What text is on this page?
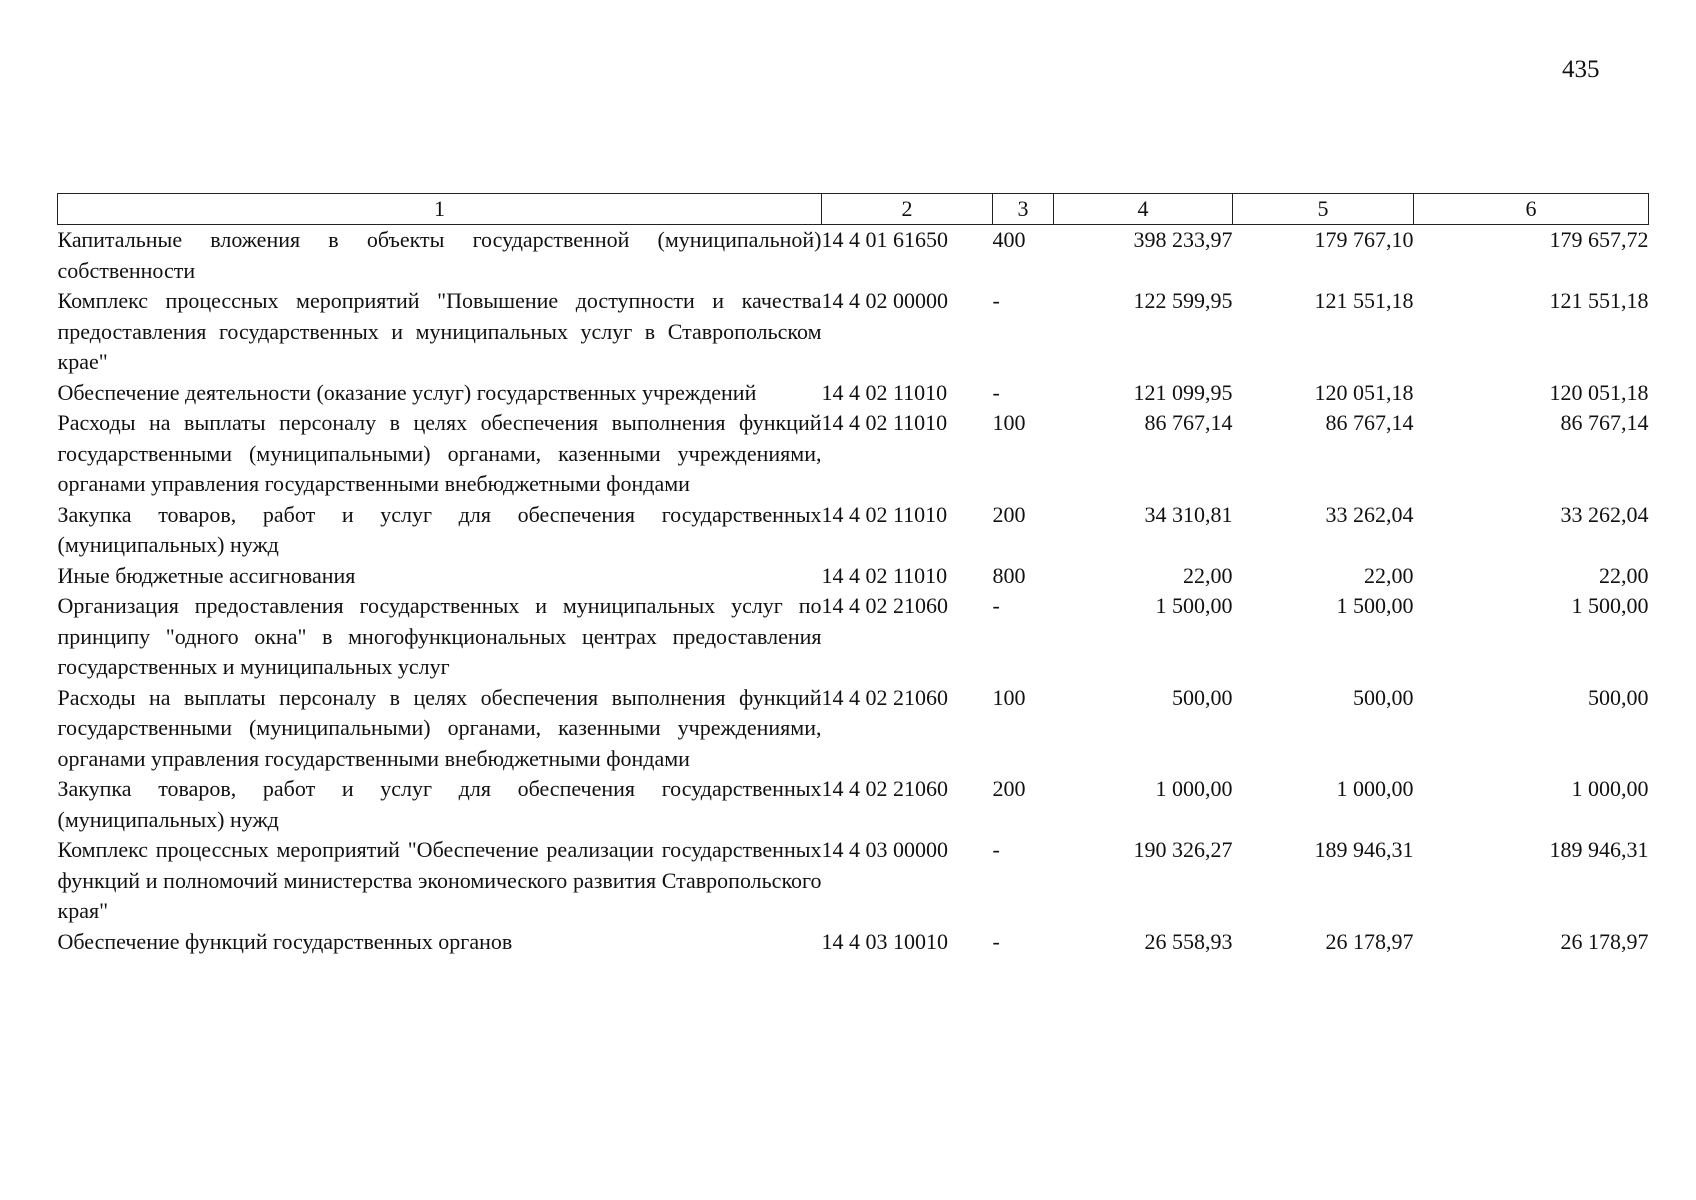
435
1	2	3	4	5	6
Капитальные вложения в объекты государственной (муниципальной) собственности	14 4 01 61650	400	398 233,97	179 767,10	179 657,72
Комплекс процессных мероприятий "Повышение доступности и качества предоставления государственных и муниципальных услуг в Ставропольском крае"	14 4 02 00000	-	122 599,95	121 551,18	121 551,18
Обеспечение деятельности (оказание услуг) государственных учреждений	14 4 02 11010	-	121 099,95	120 051,18	120 051,18
Расходы на выплаты персоналу в целях обеспечения выполнения функций государственными (муниципальными) органами, казенными учреждениями, органами управления государственными внебюджетными фондами	14 4 02 11010	100	86 767,14	86 767,14	86 767,14
Закупка товаров, работ и услуг для обеспечения государственных (муниципальных) нужд	14 4 02 11010	200	34 310,81	33 262,04	33 262,04
Иные бюджетные ассигнования	14 4 02 11010	800	22,00	22,00	22,00
Организация предоставления государственных и муниципальных услуг по принципу "одного окна" в многофункциональных центрах предоставления государственных и муниципальных услуг	14 4 02 21060	-	1 500,00	1 500,00	1 500,00
Расходы на выплаты персоналу в целях обеспечения выполнения функций государственными (муниципальными) органами, казенными учреждениями, органами управления государственными внебюджетными фондами	14 4 02 21060	100	500,00	500,00	500,00
Закупка товаров, работ и услуг для обеспечения государственных (муниципальных) нужд	14 4 02 21060	200	1 000,00	1 000,00	1 000,00
Комплекс процессных мероприятий "Обеспечение реализации государственных функций и полномочий министерства экономического развития Ставропольского края"	14 4 03 00000	-	190 326,27	189 946,31	189 946,31
Обеспечение функций государственных органов	14 4 03 10010	-	26 558,93	26 178,97	26 178,97
